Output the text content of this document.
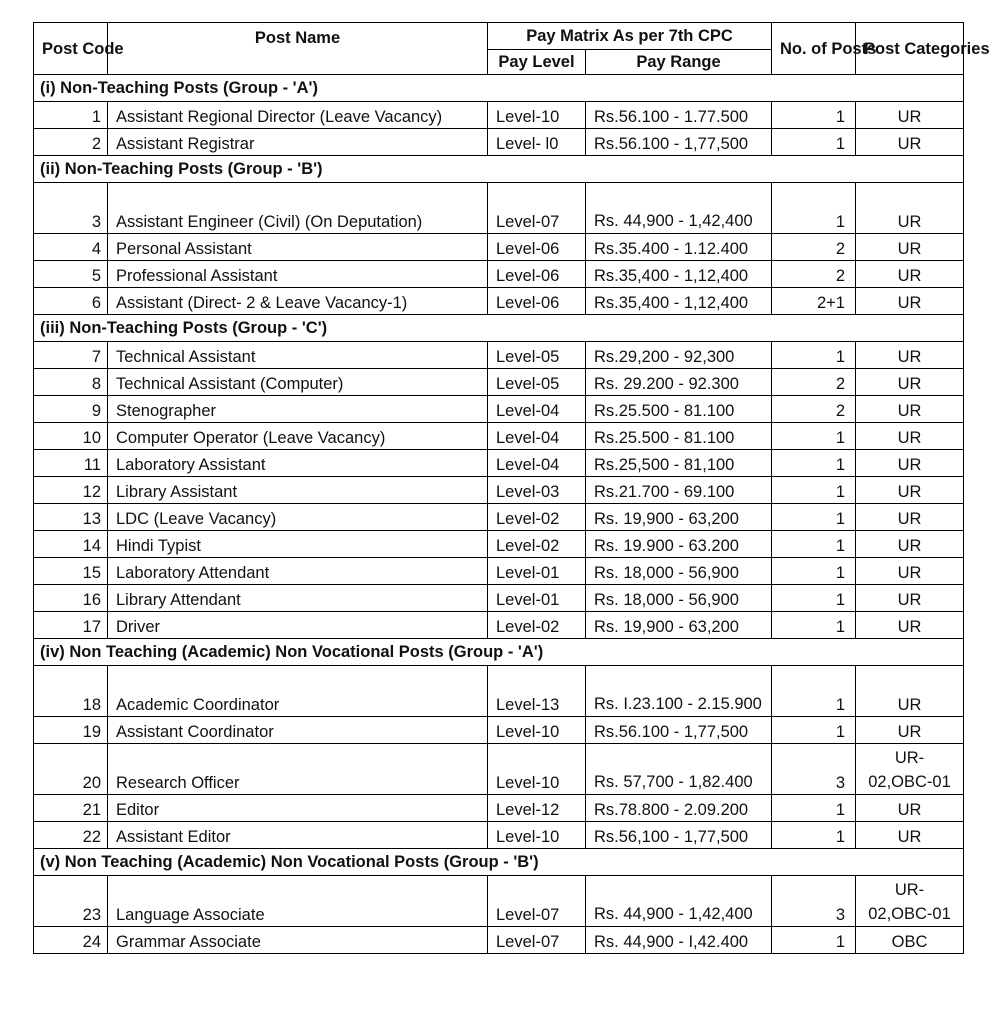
Post Code	Post Name	Pay Matrix As per 7th CPC		No. of Posts	Post Categories
		Pay Level	Pay Range		
(i) Non-Teaching Posts (Group - 'A')					
1	Assistant Regional Director (Leave Vacancy)	Level-10	Rs.56.100 - 1.77.500	1	UR
2	Assistant Registrar	Level- l0	Rs.56.100 - 1,77,500	1	UR
(ii) Non-Teaching Posts (Group - 'B')					
3	Assistant Engineer (Civil) (On Deputation)	Level-07	Rs. 44,900 - 1,42,400	1	UR
4	Personal Assistant	Level-06	Rs.35.400 - 1.12.400	2	UR
5	Professional Assistant	Level-06	Rs.35,400 - 1,12,400	2	UR
6	Assistant (Direct- 2 & Leave Vacancy-1)	Level-06	Rs.35,400 - 1,12,400	2+1	UR
(iii) Non-Teaching Posts (Group - 'C')					
7	Technical Assistant	Level-05	Rs.29,200 - 92,300	1	UR
8	Technical Assistant (Computer)	Level-05	Rs. 29.200 - 92.300	2	UR
9	Stenographer	Level-04	Rs.25.500 - 81.100	2	UR
10	Computer Operator (Leave Vacancy)	Level-04	Rs.25.500 - 81.100	1	UR
11	Laboratory Assistant	Level-04	Rs.25,500 - 81,100	1	UR
12	Library Assistant	Level-03	Rs.21.700 - 69.100	1	UR
13	LDC (Leave Vacancy)	Level-02	Rs. 19,900 - 63,200	1	UR
14	Hindi Typist	Level-02	Rs. 19.900 - 63.200	1	UR
15	Laboratory Attendant	Level-01	Rs. 18,000 - 56,900	1	UR
16	Library Attendant	Level-01	Rs. 18,000 - 56,900	1	UR
17	Driver	Level-02	Rs. 19,900 - 63,200	1	UR
(iv) Non Teaching (Academic) Non Vocational Posts (Group - 'A')					
18	Academic Coordinator	Level-13	Rs. I.23.100 - 2.15.900	1	UR
19	Assistant Coordinator	Level-10	Rs.56.100 - 1,77,500	1	UR
20	Research Officer	Level-10	Rs. 57,700 - 1,82.400	3	UR-02,OBC-01
21	Editor	Level-12	Rs.78.800 - 2.09.200	1	UR
22	Assistant Editor	Level-10	Rs.56,100 - 1,77,500	1	UR
(v) Non Teaching (Academic) Non Vocational Posts (Group - 'B')					
23	Language Associate	Level-07	Rs. 44,900 - 1,42,400	3	UR-02,OBC-01
24	Grammar Associate	Level-07	Rs. 44,900 - I,42.400	1	OBC
